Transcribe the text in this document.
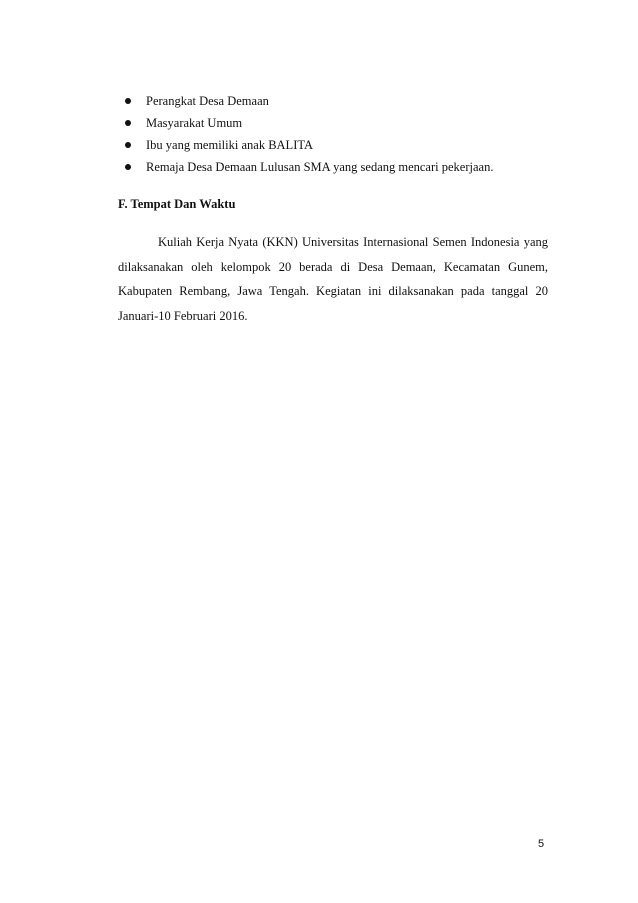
Perangkat Desa Demaan
Masyarakat Umum
Ibu yang memiliki anak BALITA
Remaja Desa Demaan Lulusan SMA yang sedang mencari pekerjaan.
F. Tempat Dan Waktu

Kuliah Kerja Nyata (KKN) Universitas Internasional Semen Indonesia yang dilaksanakan oleh kelompok 20 berada di Desa Demaan, Kecamatan Gunem, Kabupaten Rembang, Jawa Tengah. Kegiatan ini dilaksanakan pada tanggal 20 Januari-10 Februari 2016.

5
